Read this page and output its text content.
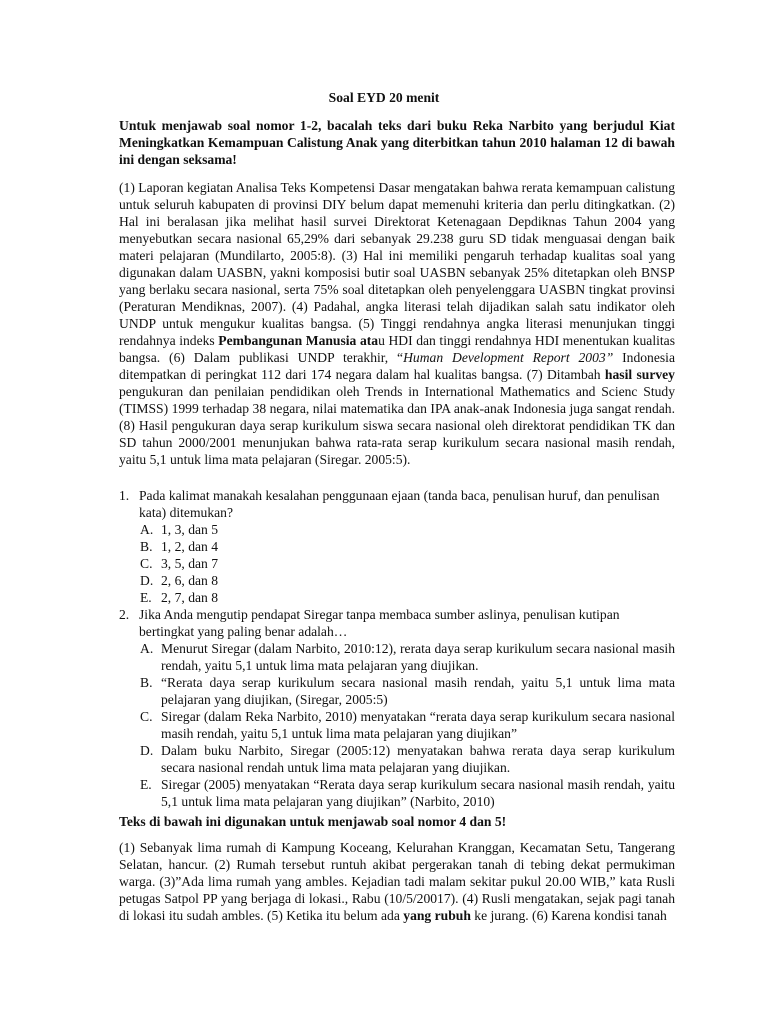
Soal EYD 20 menit
Untuk menjawab soal nomor 1-2, bacalah teks dari buku Reka Narbito yang berjudul Kiat Meningkatkan Kemampuan Calistung Anak yang diterbitkan tahun 2010 halaman 12 di bawah ini dengan seksama!
(1) Laporan kegiatan Analisa Teks Kompetensi Dasar mengatakan bahwa rerata kemampuan calistung untuk seluruh kabupaten di provinsi DIY belum dapat memenuhi kriteria dan perlu ditingkatkan. (2) Hal ini beralasan jika melihat hasil survei Direktorat Ketenagaan Depdiknas Tahun 2004 yang menyebutkan secara nasional 65,29% dari sebanyak 29.238 guru SD tidak menguasai dengan baik materi pelajaran (Mundilarto, 2005:8). (3) Hal ini memiliki pengaruh terhadap kualitas soal yang digunakan dalam UASBN, yakni komposisi butir soal UASBN sebanyak 25% ditetapkan oleh BNSP yang berlaku secara nasional, serta 75% soal ditetapkan oleh penyelenggara UASBN tingkat provinsi (Peraturan Mendiknas, 2007). (4) Padahal, angka literasi telah dijadikan salah satu indikator oleh UNDP untuk mengukur kualitas bangsa. (5) Tinggi rendahnya angka literasi menunjukan tinggi rendahnya indeks Pembangunan Manusia atau HDI dan tinggi rendahnya HDI menentukan kualitas bangsa. (6) Dalam publikasi UNDP terakhir, “Human Development Report 2003” Indonesia ditempatkan di peringkat 112 dari 174 negara dalam hal kualitas bangsa. (7) Ditambah hasil survey pengukuran dan penilaian pendidikan oleh Trends in International Mathematics and Scienc Study (TIMSS) 1999 terhadap 38 negara, nilai matematika dan IPA anak-anak Indonesia juga sangat rendah. (8) Hasil pengukuran daya serap kurikulum siswa secara nasional oleh direktorat pendidikan TK dan SD tahun 2000/2001 menunjukan bahwa rata-rata serap kurikulum secara nasional masih rendah, yaitu 5,1 untuk lima mata pelajaran (Siregar. 2005:5).
1. Pada kalimat manakah kesalahan penggunaan ejaan (tanda baca, penulisan huruf, dan penulisan kata) ditemukan?
A. 1, 3, dan 5
B. 1, 2, dan 4
C. 3, 5, dan 7
D. 2, 6, dan 8
E. 2, 7, dan 8
2. Jika Anda mengutip pendapat Siregar tanpa membaca sumber aslinya, penulisan kutipan bertingkat yang paling benar adalah…
A. Menurut Siregar (dalam Narbito, 2010:12), rerata daya serap kurikulum secara nasional masih rendah, yaitu 5,1 untuk lima mata pelajaran yang diujikan.
B. “Rerata daya serap kurikulum secara nasional masih rendah, yaitu 5,1 untuk lima mata pelajaran yang diujikan, (Siregar, 2005:5)
C. Siregar (dalam Reka Narbito, 2010) menyatakan “rerata daya serap kurikulum secara nasional masih rendah, yaitu 5,1 untuk lima mata pelajaran yang diujikan”
D. Dalam buku Narbito, Siregar (2005:12) menyatakan bahwa rerata daya serap kurikulum secara nasional rendah untuk lima mata pelajaran yang diujikan.
E. Siregar (2005) menyatakan “Rerata daya serap kurikulum secara nasional masih rendah, yaitu 5,1 untuk lima mata pelajaran yang diujikan” (Narbito, 2010)
Teks di bawah ini digunakan untuk menjawab soal nomor 4 dan 5!
(1) Sebanyak lima rumah di Kampung Koceang, Kelurahan Kranggan, Kecamatan Setu, Tangerang Selatan, hancur. (2) Rumah tersebut runtuh akibat pergerakan tanah di tebing dekat permukiman warga. (3)”Ada lima rumah yang ambles. Kejadian tadi malam sekitar pukul 20.00 WIB,” kata Rusli petugas Satpol PP yang berjaga di lokasi., Rabu (10/5/20017). (4) Rusli mengatakan, sejak pagi tanah di lokasi itu sudah ambles. (5) Ketika itu belum ada yang rubuh ke jurang. (6) Karena kondisi tanah
